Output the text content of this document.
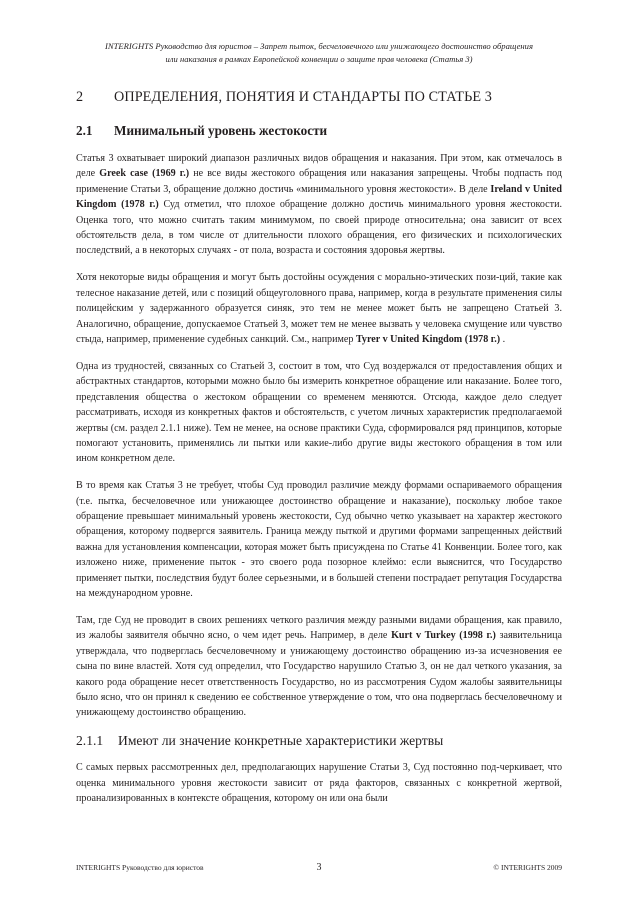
INTERIGHTS Руководство для юристов – Запрет пыток, бесчеловечного или унижающего достоинство обращения
или наказания в рамках Европейской конвенции о защите прав человека (Статья 3)
2	ОПРЕДЕЛЕНИЯ, ПОНЯТИЯ И СТАНДАРТЫ ПО СТАТЬЕ 3
2.1	Минимальный уровень жестокости

Статья 3 охватывает широкий диапазон различных видов обращения и наказания. При этом, как отмечалось в деле Greek case (1969 г.) не все виды жестокого обращения или наказания запрещены. Чтобы подпасть под применение Статьи 3, обращение должно достичь «минимального уровня жестокости». В деле Ireland v United Kingdom (1978 г.) Суд отметил, что плохое обращение должно достичь минимального уровня жестокости. Оценка того, что можно считать таким минимумом, по своей природе относительна; она зависит от всех обстоятельств дела, в том числе от длительности плохого обращения, его физических и психологических последствий, а в некоторых случаях - от пола, возраста и состояния здоровья жертвы.

Хотя некоторые виды обращения и могут быть достойны осуждения с морально-этических пози-ций, такие как телесное наказание детей, или с позиций общеуголовного права, например, когда в результате применения силы полицейским у задержанного образуется синяк, это тем не менее может быть не запрещено Статьей 3. Аналогично, обращение, допускаемое Статьей 3, может тем не менее вызвать у человека смущение или чувство стыда, например, применение судебных санкций. См., например Tyrer v United Kingdom (1978 г.) .

Одна из трудностей, связанных со Статьей 3, состоит в том, что Суд воздержался от предоставления общих и абстрактных стандартов, которыми можно было бы измерить конкретное обращение или наказание. Более того, представления общества о жестоком обращении со временем меняются. Отсюда, каждое дело следует рассматривать, исходя из конкретных фактов и обстоятельств, с учетом личных характеристик предполагаемой жертвы (см. раздел 2.1.1 ниже). Тем не менее, на основе практики Суда, сформировался ряд принципов, которые помогают установить, применялись ли пытки или какие-либо другие виды жестокого обращения в том или ином конкретном деле.

В то время как Статья 3 не требует, чтобы Суд проводил различие между формами оспариваемого обращения (т.е. пытка, бесчеловечное или унижающее достоинство обращение и наказание), поскольку любое такое обращение превышает минимальный уровень жестокости, Суд обычно четко указывает на характер жестокого обращения, которому подвергся заявитель. Граница между пыткой и другими формами запрещенных действий важна для установления компенсации, которая может быть присуждена по Статье 41 Конвенции. Более того, как изложено ниже, применение пыток - это своего рода позорное клеймо: если выяснится, что Государство применяет пытки, последствия будут более серьезными, и в большей степени пострадает репутация Государства на международном уровне.

Там, где Суд не проводит в своих решениях четкого различия между разными видами обращения, как правило, из жалобы заявителя обычно ясно, о чем идет речь. Например, в деле Kurt v Turkey (1998 г.) заявительница утверждала, что подверглась бесчеловечному и унижающему достоинство обращению из-за исчезновения ее сына по вине властей. Хотя суд определил, что Государство нарушило Статью 3, он не дал четкого указания, за какого рода обращение несет ответственность Государство, но из рассмотрения Судом жалобы заявительницы было ясно, что он принял к сведению ее собственное утверждение о том, что она подверглась бесчеловечному и унижающему достоинство обращению.

2.1.1	Имеют ли значение конкретные характеристики жертвы

С самых первых рассмотренных дел, предполагающих нарушение Статьи 3, Суд постоянно под-черкивает, что оценка минимального уровня жестокости зависит от ряда факторов, связанных с конкретной жертвой, проанализированных в контексте обращения, которому он или она были

INTERIGHTS Руководство для юристов	3	© INTERIGHTS 2009
